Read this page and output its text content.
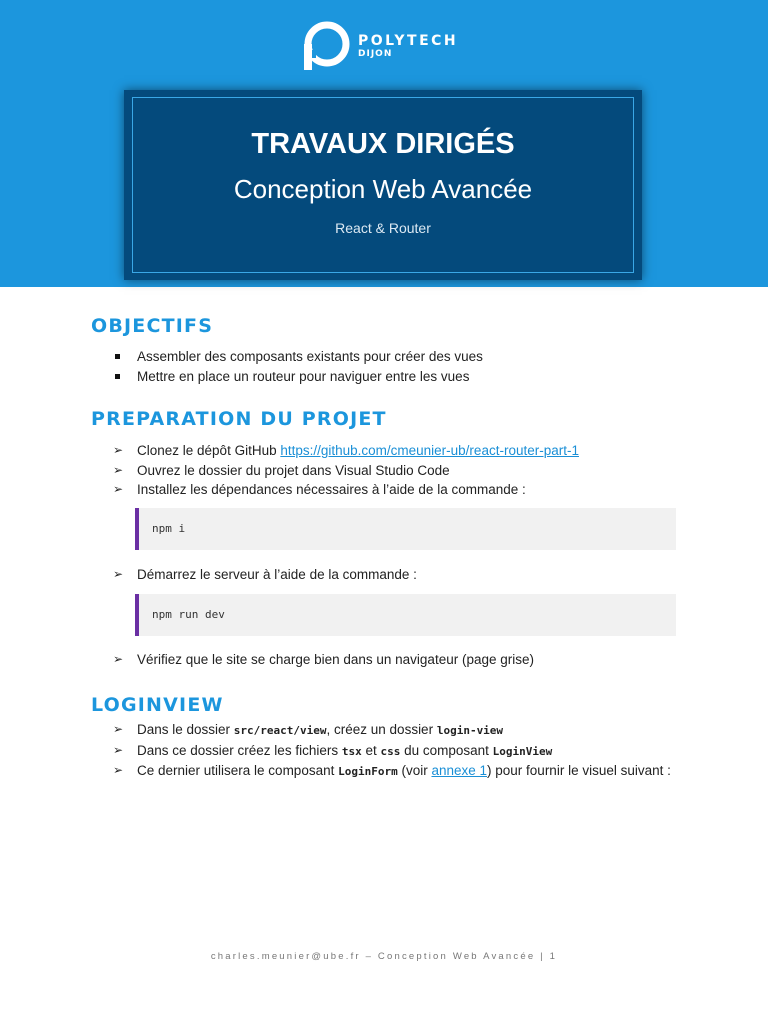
POLYTECH
DIJON
TRAVAUX DIRIGÉS
Conception Web Avancée
React & Router
OBJECTIFS
Assembler des composants existants pour créer des vues
Mettre en place un routeur pour naviguer entre les vues
PREPARATION DU PROJET
➢ Clonez le dépôt GitHub https://github.com/cmeunier-ub/react-router-part-1
➢ Ouvrez le dossier du projet dans Visual Studio Code
➢ Installez les dépendances nécessaires à l’aide de la commande :
npm i
➢ Démarrez le serveur à l’aide de la commande :
npm run dev
➢ Vérifiez que le site se charge bien dans un navigateur (page grise)
LOGINVIEW
➢ Dans le dossier src/react/view, créez un dossier login-view
➢ Dans ce dossier créez les fichiers tsx et css du composant LoginView
➢ Ce dernier utilisera le composant LoginForm (voir annexe 1) pour fournir le visuel suivant :
charles.meunier@ube.fr – Conception Web Avancée | 1
